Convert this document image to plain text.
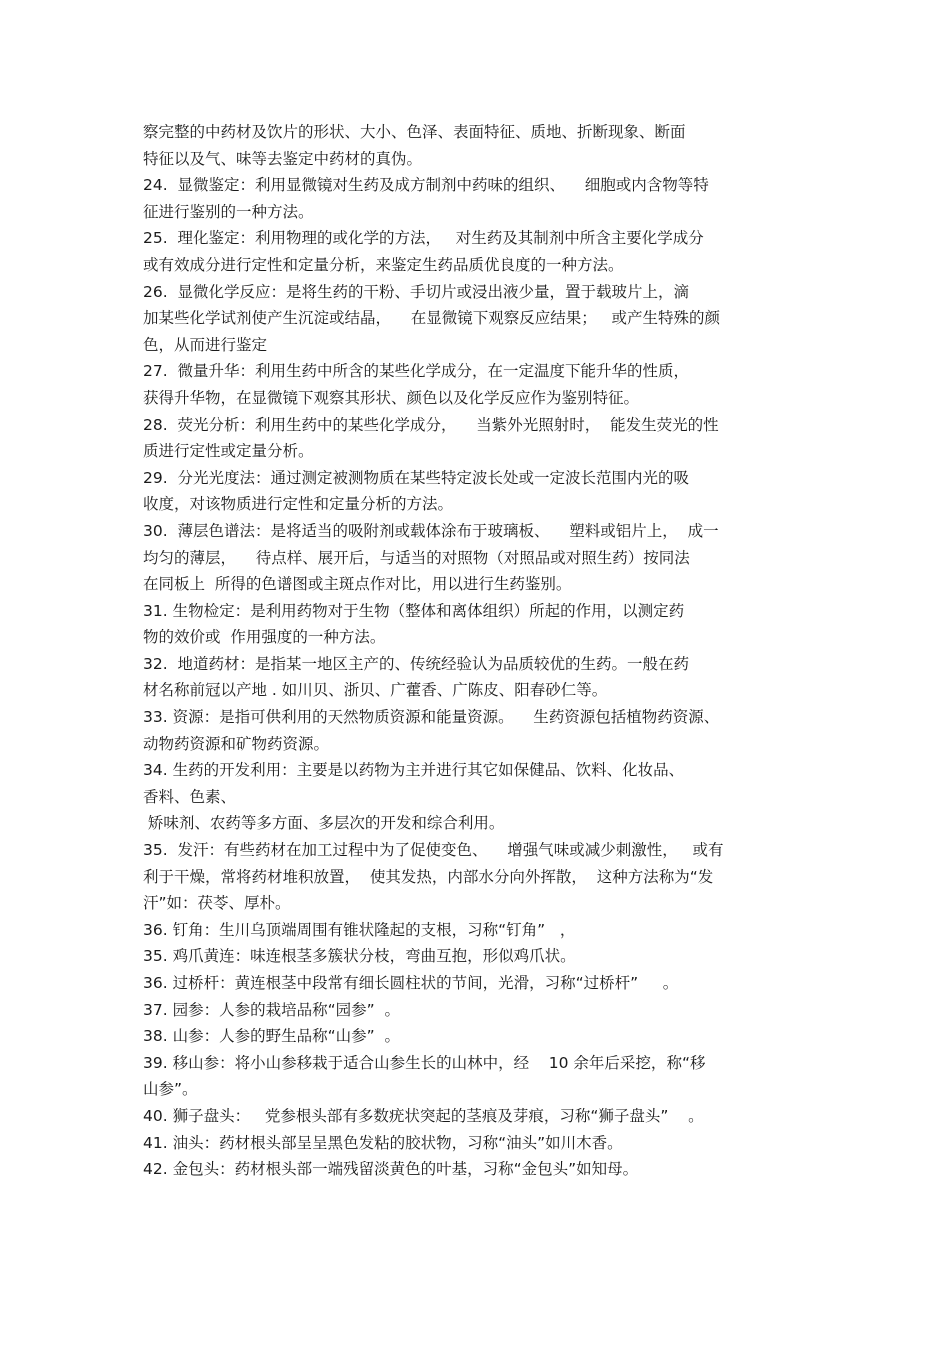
察完整的中药材及饮片的形状、大小、色泽、表面特征、质地、折断现象、断面
特征以及气、味等去鉴定中药材的真伪。
24.  显微鉴定：利用显微镜对生药及成方制剂中药味的组织、    细胞或内含物等特
征进行鉴别的一种方法。
25.  理化鉴定：利用物理的或化学的方法，   对生药及其制剂中所含主要化学成分
或有效成分进行定性和定量分析，来鉴定生药品质优良度的一种方法。
26.  显微化学反应：是将生药的干粉、手切片或浸出液少量，置于载玻片上，滴
加某些化学试剂使产生沉淀或结晶，    在显微镜下观察反应结果；   或产生特殊的颜
色，从而进行鉴定
27.  微量升华：利用生药中所含的某些化学成分，在一定温度下能升华的性质，
获得升华物，在显微镜下观察其形状、颜色以及化学反应作为鉴别特征。
28.  荧光分析：利用生药中的某些化学成分，    当紫外光照射时，  能发生荧光的性
质进行定性或定量分析。
29.  分光光度法：通过测定被测物质在某些特定波长处或一定波长范围内光的吸
收度，对该物质进行定性和定量分析的方法。
30.  薄层色谱法：是将适当的吸附剂或载体涂布于玻璃板、    塑料或铝片上，  成一
均匀的薄层，    待点样、展开后，与适当的对照物（对照品或对照生药）按同法
在同板上  所得的色谱图或主斑点作对比，用以进行生药鉴别。
31. 生物检定：是利用药物对于生物（整体和离体组织）所起的作用，以测定药
物的效价或  作用强度的一种方法。
32.  地道药材：是指某一地区主产的、传统经验认为品质较优的生药。一般在药
材名称前冠以产地 . 如川贝、浙贝、广藿香、广陈皮、阳春砂仁等。
33. 资源：是指可供利用的天然物质资源和能量资源。    生药资源包括植物药资源、
动物药资源和矿物药资源。
34. 生药的开发利用：主要是以药物为主并进行其它如保健品、饮料、化妆品、
香料、色素、
矫味剂、农药等多方面、多层次的开发和综合利用。
35.  发汗：有些药材在加工过程中为了促使变色、    增强气味或减少刺激性，   或有
利于干燥，常将药材堆积放置，  使其发热，内部水分向外挥散，  这种方法称为“发
汗”如：茯苓、厚朴。
36. 钉角：生川乌顶端周围有锥状隆起的支根，习称“钉角”   ，
35. 鸡爪黄连：味连根茎多簇状分枝，弯曲互抱，形似鸡爪状。
36. 过桥杆：黄连根茎中段常有细长圆柱状的节间，光滑，习称“过桥杆”     。
37. 园参：人参的栽培品称“园参”  。
38. 山参：人参的野生品称“山参”  。
39. 移山参：将小山参移栽于适合山参生长的山林中，经    10 余年后采挖，称“移
山参”。
40. 狮子盘头：   党参根头部有多数疣状突起的茎痕及芽痕，习称“狮子盘头”    。
41. 油头：药材根头部呈呈黑色发粘的胶状物，习称“油头”如川木香。
42. 金包头：药材根头部一端残留淡黄色的叶基，习称“金包头”如知母。
